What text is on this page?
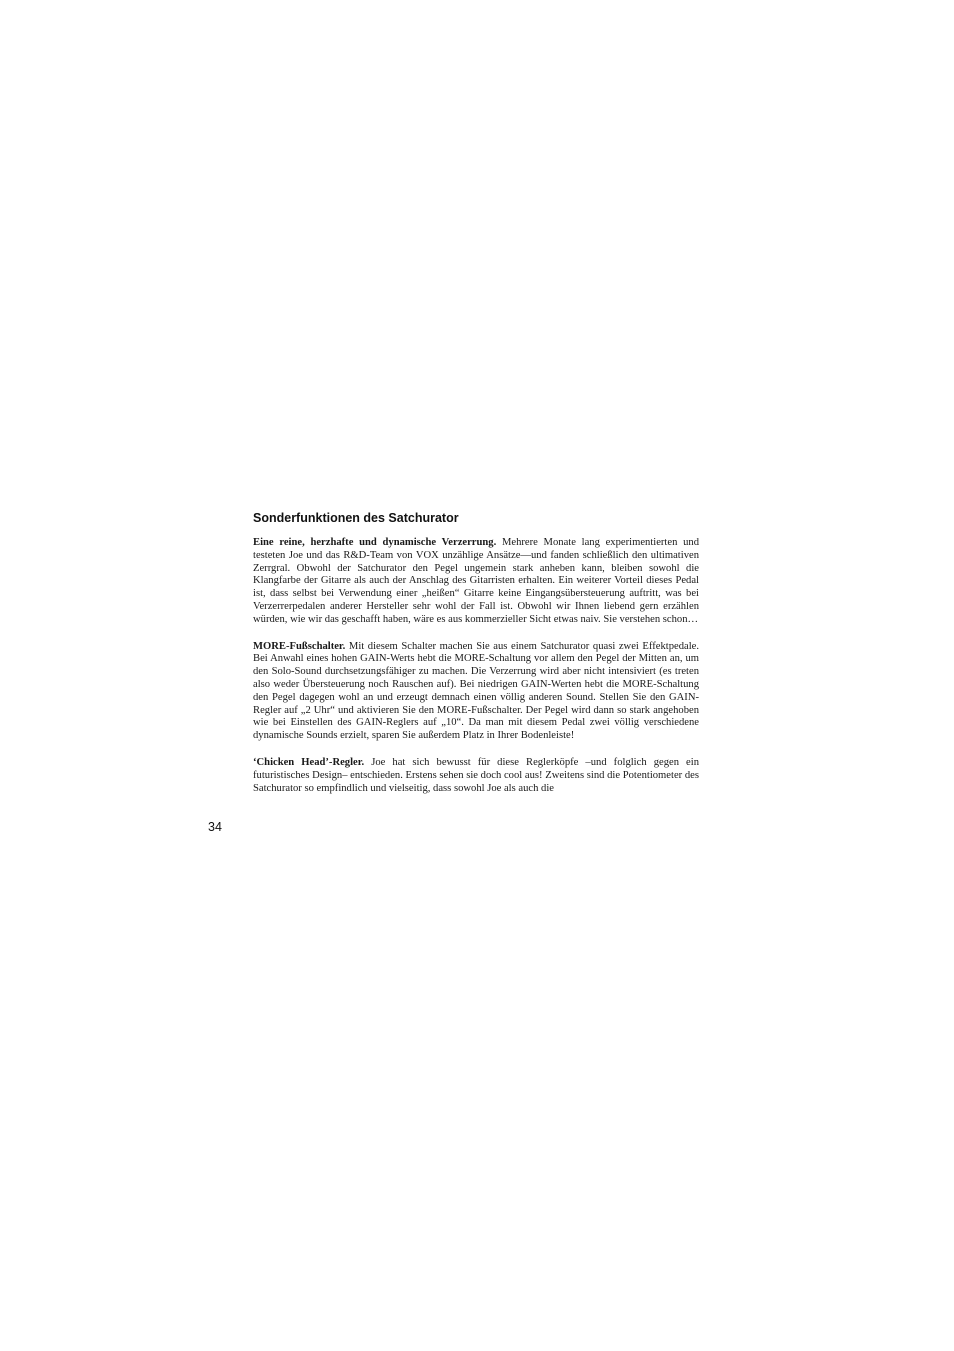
Sonderfunktionen des Satchurator

Eine reine, herzhafte und dynamische Verzerrung. Mehrere Monate lang experimentierten und testeten Joe und das R&D-Team von VOX unzählige Ansätze—und fanden schließlich den ultimativen Zerrgral. Obwohl der Satchurator den Pegel ungemein stark anheben kann, bleiben sowohl die Klangfarbe der Gitarre als auch der Anschlag des Gitarristen erhalten. Ein weiterer Vorteil dieses Pedal ist, dass selbst bei Verwendung einer „heißen“ Gitarre keine Eingangsübersteuerung auftritt, was bei Verzerrerpedalen anderer Hersteller sehr wohl der Fall ist. Obwohl wir Ihnen liebend gern erzählen würden, wie wir das geschafft haben, wäre es aus kommerzieller Sicht etwas naiv. Sie verstehen schon…

MORE-Fußschalter. Mit diesem Schalter machen Sie aus einem Satchurator quasi zwei Effektpedale. Bei Anwahl eines hohen GAIN-Werts hebt die MORE-Schaltung vor allem den Pegel der Mitten an, um den Solo-Sound durchsetzungsfähiger zu machen. Die Verzerrung wird aber nicht intensiviert (es treten also weder Übersteuerung noch Rauschen auf). Bei niedrigen GAIN-Werten hebt die MORE-Schaltung den Pegel dagegen wohl an und erzeugt demnach einen völlig anderen Sound. Stellen Sie den GAIN-Regler auf „2 Uhr“ und aktivieren Sie den MORE-Fußschalter. Der Pegel wird dann so stark angehoben wie bei Einstellen des GAIN-Reglers auf „10“. Da man mit diesem Pedal zwei völlig verschiedene dynamische Sounds erzielt, sparen Sie außerdem Platz in Ihrer Bodenleiste!

‘Chicken Head’-Regler. Joe hat sich bewusst für diese Reglerköpfe –und folglich gegen ein futuristisches Design– entschieden. Erstens sehen sie doch cool aus! Zweitens sind die Potentiometer des Satchurator so empfindlich und vielseitig, dass sowohl Joe als auch die

34
